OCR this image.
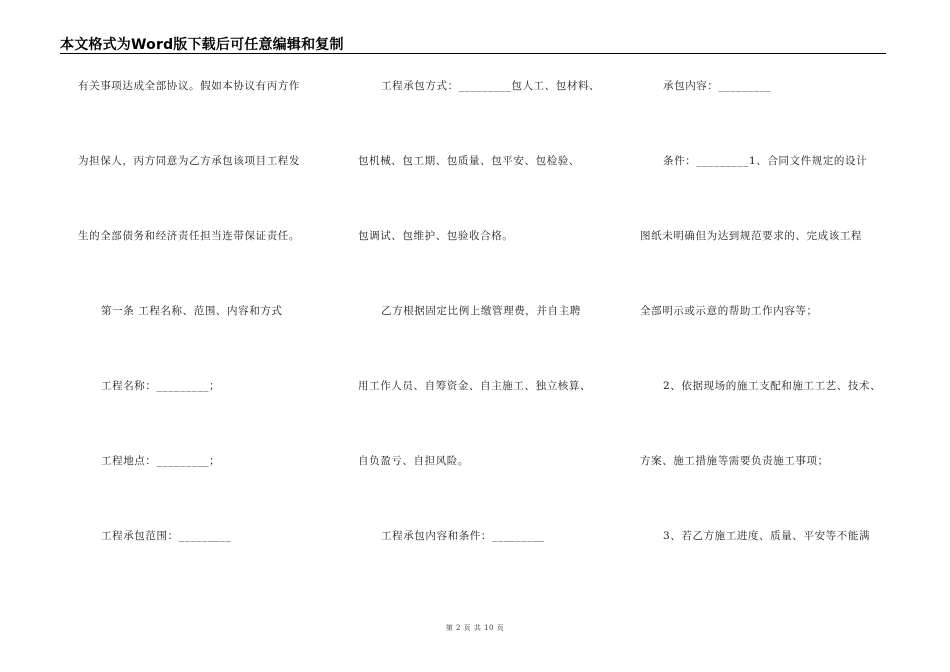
本文格式为Word版下载后可任意编辑和复制
有关事项达成全部协议。假如本协议有丙方作
为担保人，丙方同意为乙方承包该项目工程发
生的全部债务和经济责任担当连带保证责任。
第一条 工程名称、范围、内容和方式
工程名称：_________；
工程地点：_________；
工程承包范围：_________
工程承包方式：_________包人工、包材料、
包机械、包工期、包质量、包平安、包检验、
包调试、包维护、包验收合格。
乙方根据固定比例上缴管理费，并自主聘
用工作人员、自筹资金、自主施工、独立核算、
自负盈亏、自担风险。
工程承包内容和条件：_________
承包内容：_________
条件：_________1、合同文件规定的设计
图纸未明确但为达到规范要求的、完成该工程
全部明示或示意的帮助工作内容等；
2、依据现场的施工支配和施工工艺、技术、
方案、施工措施等需要负责施工事项；
3、若乙方施工进度、质量、平安等不能满
第 2 页 共 10 页
